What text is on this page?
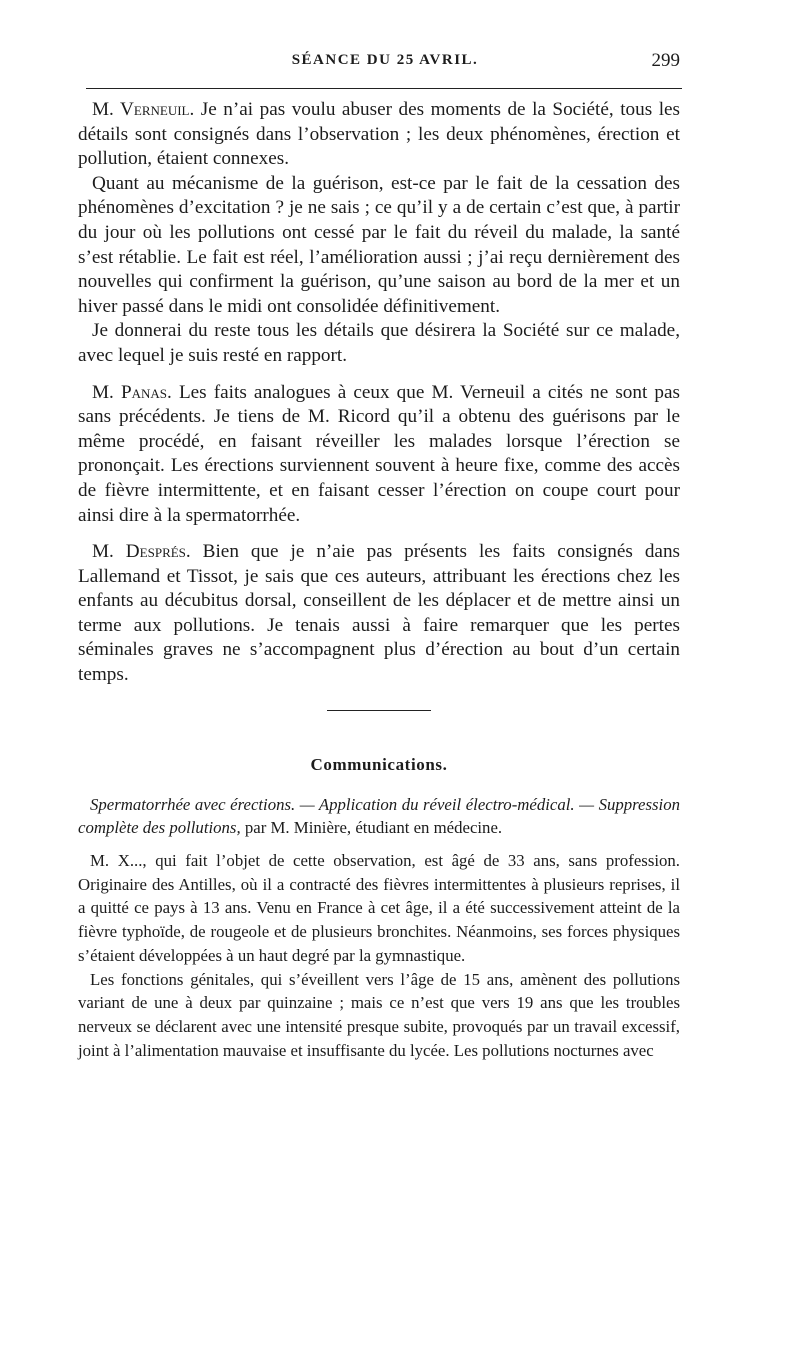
SÉANCE DU 25 AVRIL.	299

M. Verneuil. Je n’ai pas voulu abuser des moments de la Société, tous les détails sont consignés dans l’observation ; les deux phénomènes, érection et pollution, étaient connexes.

Quant au mécanisme de la guérison, est-ce par le fait de la cessation des phénomènes d’excitation ? je ne sais ; ce qu’il y a de certain c’est que, à partir du jour où les pollutions ont cessé par le fait du réveil du malade, la santé s’est rétablie. Le fait est réel, l’amélioration aussi ; j’ai reçu dernièrement des nouvelles qui confirment la guérison, qu’une saison au bord de la mer et un hiver passé dans le midi ont consolidée définitivement.

Je donnerai du reste tous les détails que désirera la Société sur ce malade, avec lequel je suis resté en rapport.

M. Panas. Les faits analogues à ceux que M. Verneuil a cités ne sont pas sans précédents. Je tiens de M. Ricord qu’il a obtenu des guérisons par le même procédé, en faisant réveiller les malades lorsque l’érection se prononçait. Les érections surviennent souvent à heure fixe, comme des accès de fièvre intermittente, et en faisant cesser l’érection on coupe court pour ainsi dire à la spermatorrhée.

M. Després. Bien que je n’aie pas présents les faits consignés dans Lallemand et Tissot, je sais que ces auteurs, attribuant les érections chez les enfants au décubitus dorsal, conseillent de les déplacer et de mettre ainsi un terme aux pollutions. Je tenais aussi à faire remarquer que les pertes séminales graves ne s’accompagnent plus d’érection au bout d’un certain temps.

Communications.

Spermatorrhée avec érections. — Application du réveil électro-médical. — Suppression complète des pollutions, par M. Minière, étudiant en médecine.

M. X..., qui fait l’objet de cette observation, est âgé de 33 ans, sans profession. Originaire des Antilles, où il a contracté des fièvres intermittentes à plusieurs reprises, il a quitté ce pays à 13 ans. Venu en France à cet âge, il a été successivement atteint de la fièvre typhoïde, de rougeole et de plusieurs bronchites. Néanmoins, ses forces physiques s’étaient développées à un haut degré par la gymnastique.

Les fonctions génitales, qui s’éveillent vers l’âge de 15 ans, amènent des pollutions variant de une à deux par quinzaine ; mais ce n’est que vers 19 ans que les troubles nerveux se déclarent avec une intensité presque subite, provoqués par un travail excessif, joint à l’alimentation mauvaise et insuffisante du lycée. Les pollutions nocturnes avec
